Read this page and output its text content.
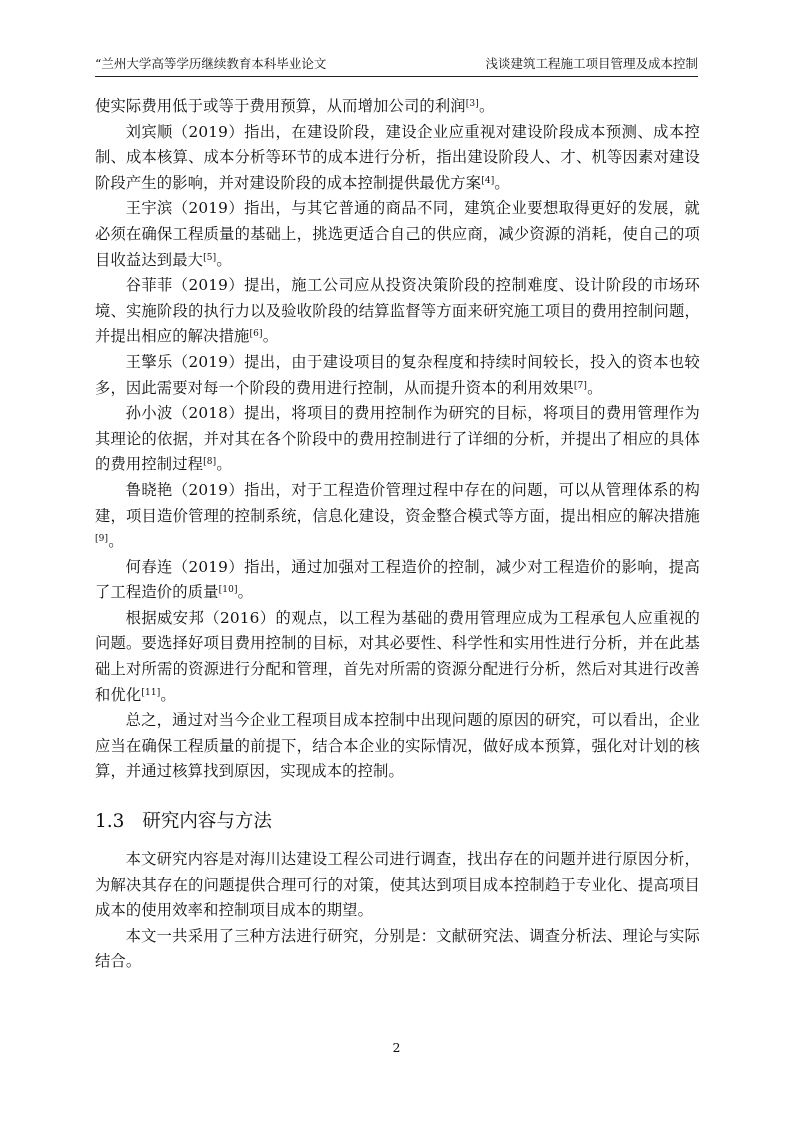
“兰州大学高等学历继续教育本科毕业论文	浅谈建筑工程施工项目管理及成本控制

使实际费用低于或等于费用预算，从而增加公司的利润[3]。

刘宾顺（2019）指出，在建设阶段，建设企业应重视对建设阶段成本预测、成本控制、成本核算、成本分析等环节的成本进行分析，指出建设阶段人、才、机等因素对建设阶段产生的影响，并对建设阶段的成本控制提供最优方案[4]。

王宇滨（2019）指出，与其它普通的商品不同，建筑企业要想取得更好的发展，就必须在确保工程质量的基础上，挑选更适合自己的供应商，减少资源的消耗，使自己的项目收益达到最大[5]。

谷菲菲（2019）提出，施工公司应从投资决策阶段的控制难度、设计阶段的市场环境、实施阶段的执行力以及验收阶段的结算监督等方面来研究施工项目的费用控制问题，并提出相应的解决措施[6]。

王擎乐（2019）提出，由于建设项目的复杂程度和持续时间较长，投入的资本也较多，因此需要对每一个阶段的费用进行控制，从而提升资本的利用效果[7]。

孙小波（2018）提出，将项目的费用控制作为研究的目标，将项目的费用管理作为其理论的依据，并对其在各个阶段中的费用控制进行了详细的分析，并提出了相应的具体的费用控制过程[8]。

鲁晓艳（2019）指出，对于工程造价管理过程中存在的问题，可以从管理体系的构建，项目造价管理的控制系统，信息化建设，资金整合模式等方面，提出相应的解决措施[9]。

何春连（2019）指出，通过加强对工程造价的控制，减少对工程造价的影响，提高了工程造价的质量[10]。

根据威安邦（2016）的观点，以工程为基础的费用管理应成为工程承包人应重视的问题。要选择好项目费用控制的目标，对其必要性、科学性和实用性进行分析，并在此基础上对所需的资源进行分配和管理，首先对所需的资源分配进行分析，然后对其进行改善和优化[11]。

总之，通过对当今企业工程项目成本控制中出现问题的原因的研究，可以看出，企业应当在确保工程质量的前提下，结合本企业的实际情况，做好成本预算，强化对计划的核算，并通过核算找到原因，实现成本的控制。

1.3 研究内容与方法

本文研究内容是对海川达建设工程公司进行调查，找出存在的问题并进行原因分析，为解决其存在的问题提供合理可行的对策，使其达到项目成本控制趋于专业化、提高项目成本的使用效率和控制项目成本的期望。

本文一共采用了三种方法进行研究，分别是：文献研究法、调查分析法、理论与实际结合。

2
